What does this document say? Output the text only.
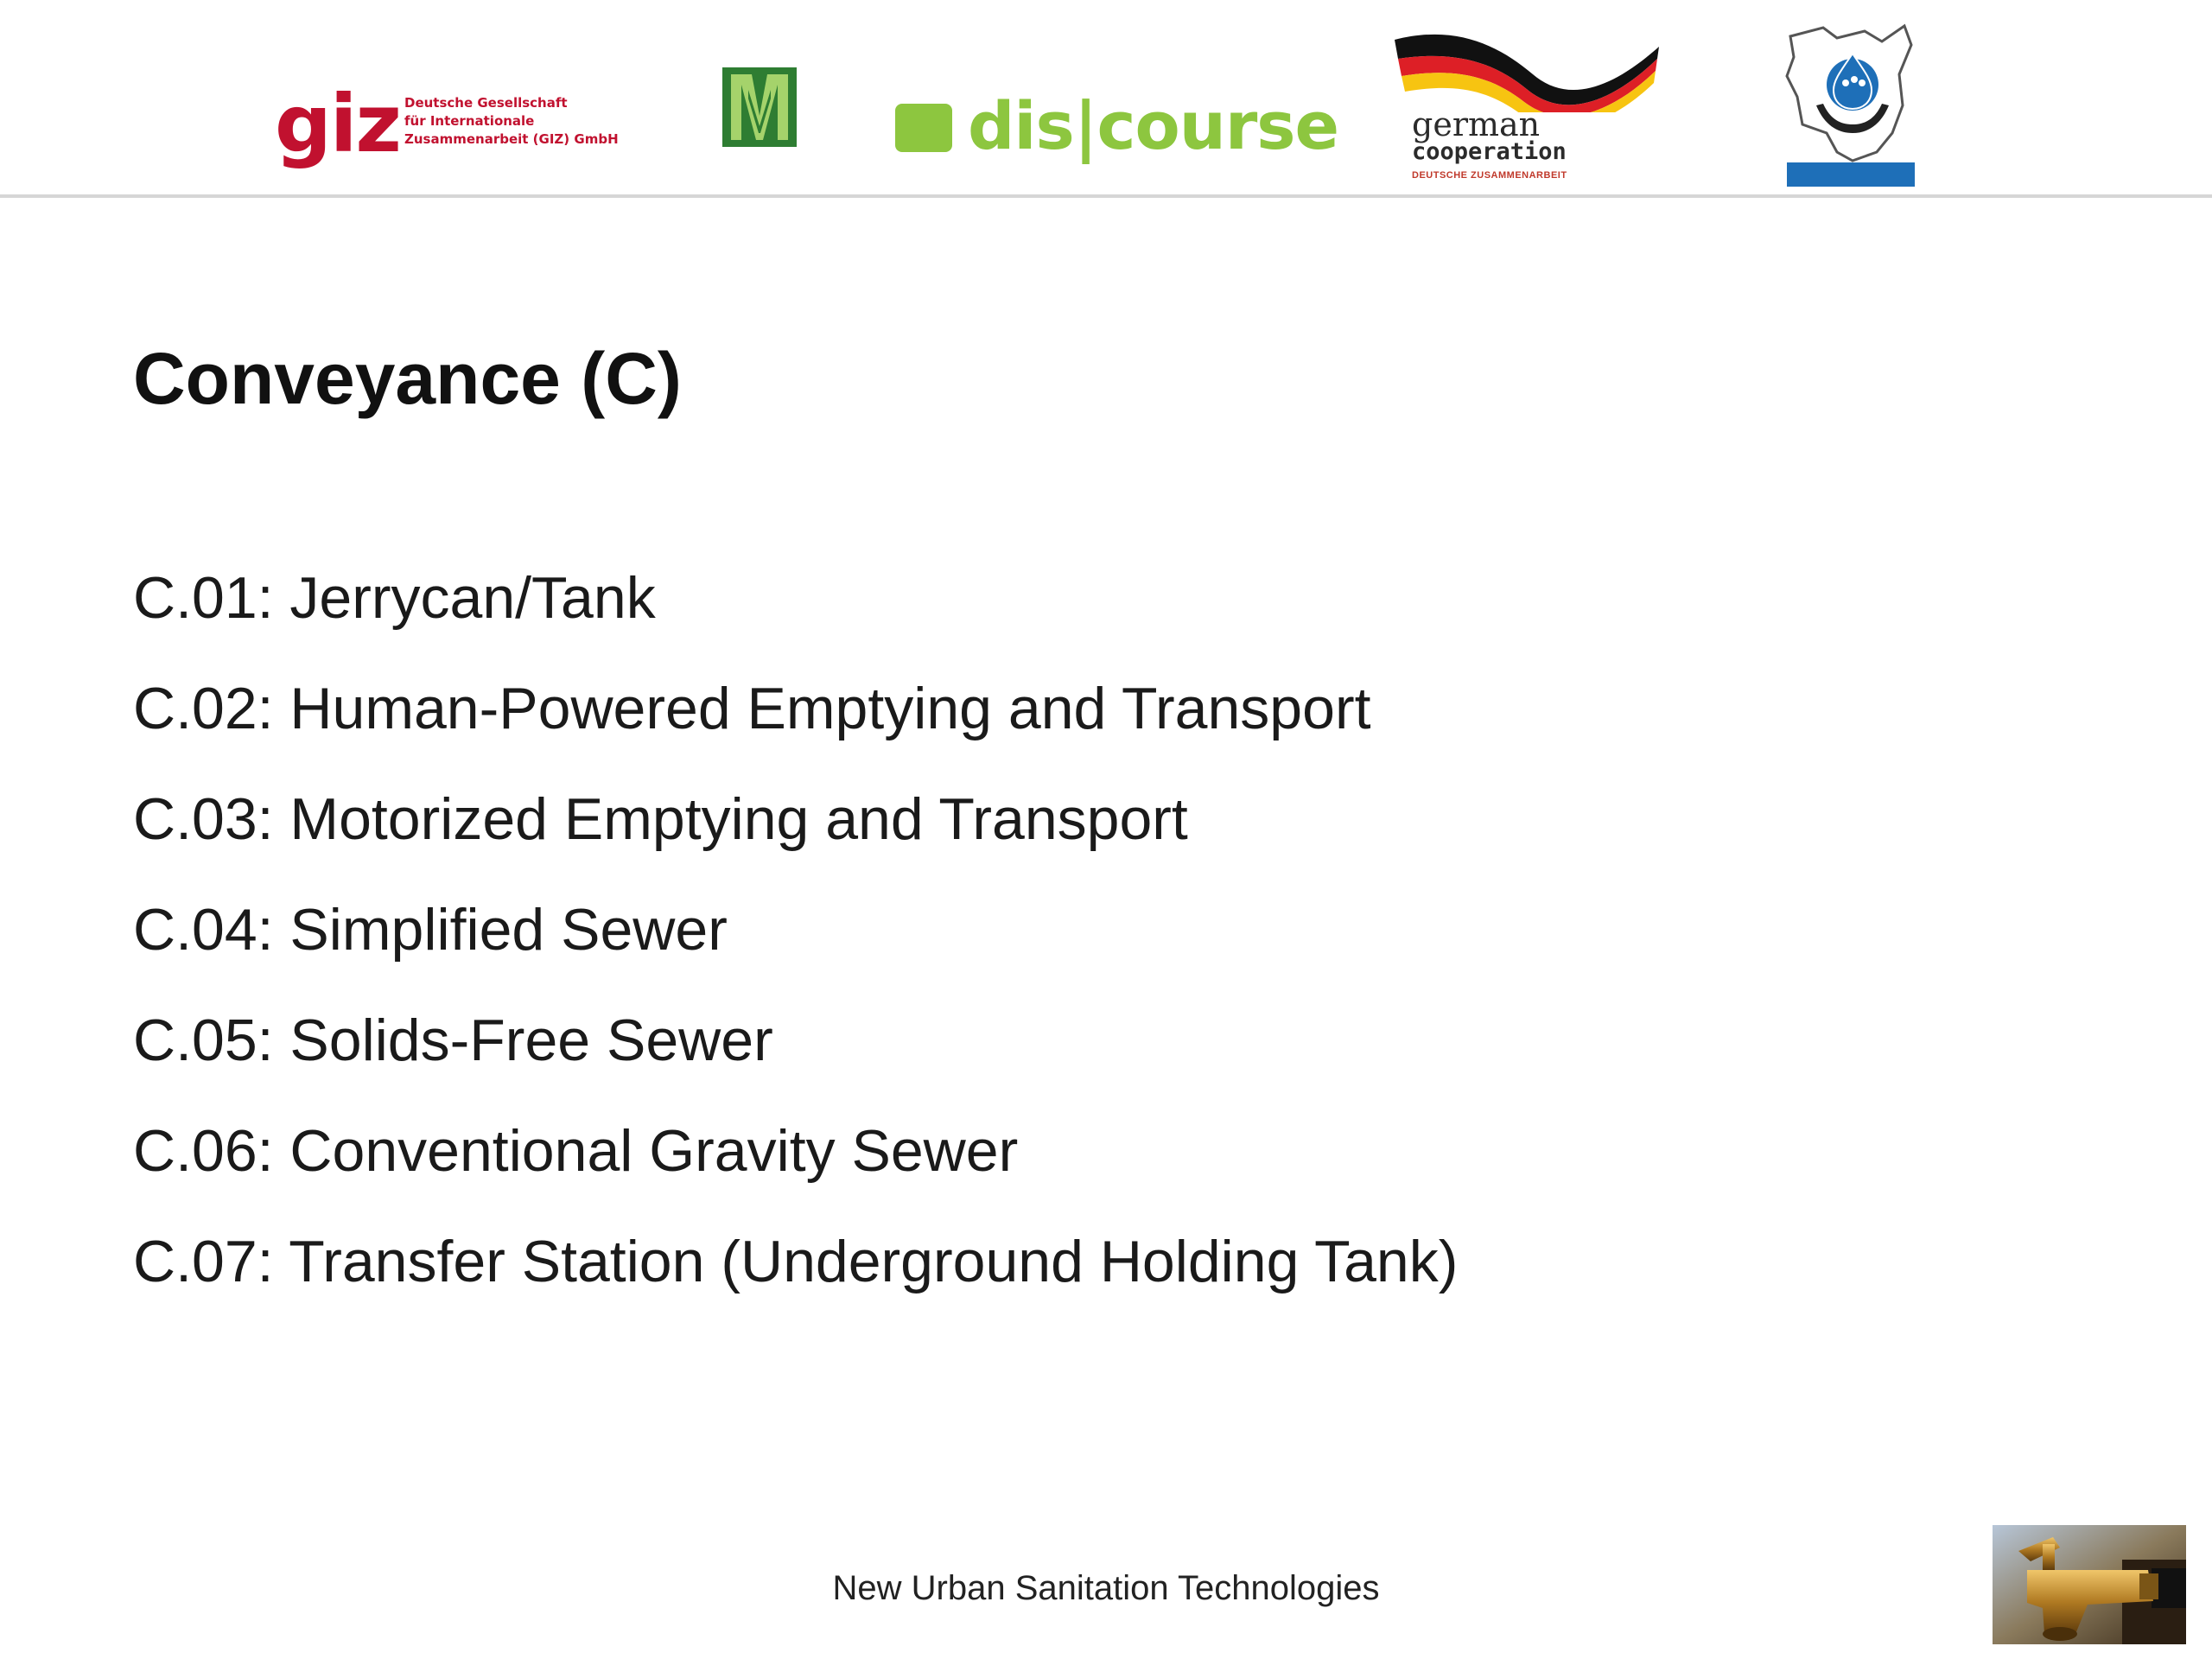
giz Deutsche Gesellschaft
für Internationale
Zusammenarbeit (GIZ) GmbH	dis|course german
cooperation
DEUTSCHE ZUSAMMENARBEIT
Conveyance (C)
C.01: Jerrycan/Tank
C.02: Human-Powered Emptying and Transport
C.03: Motorized Emptying and Transport
C.04: Simplified Sewer
C.05: Solids-Free Sewer
C.06: Conventional Gravity Sewer
C.07: Transfer Station (Underground Holding Tank)
New Urban Sanitation Technologies
